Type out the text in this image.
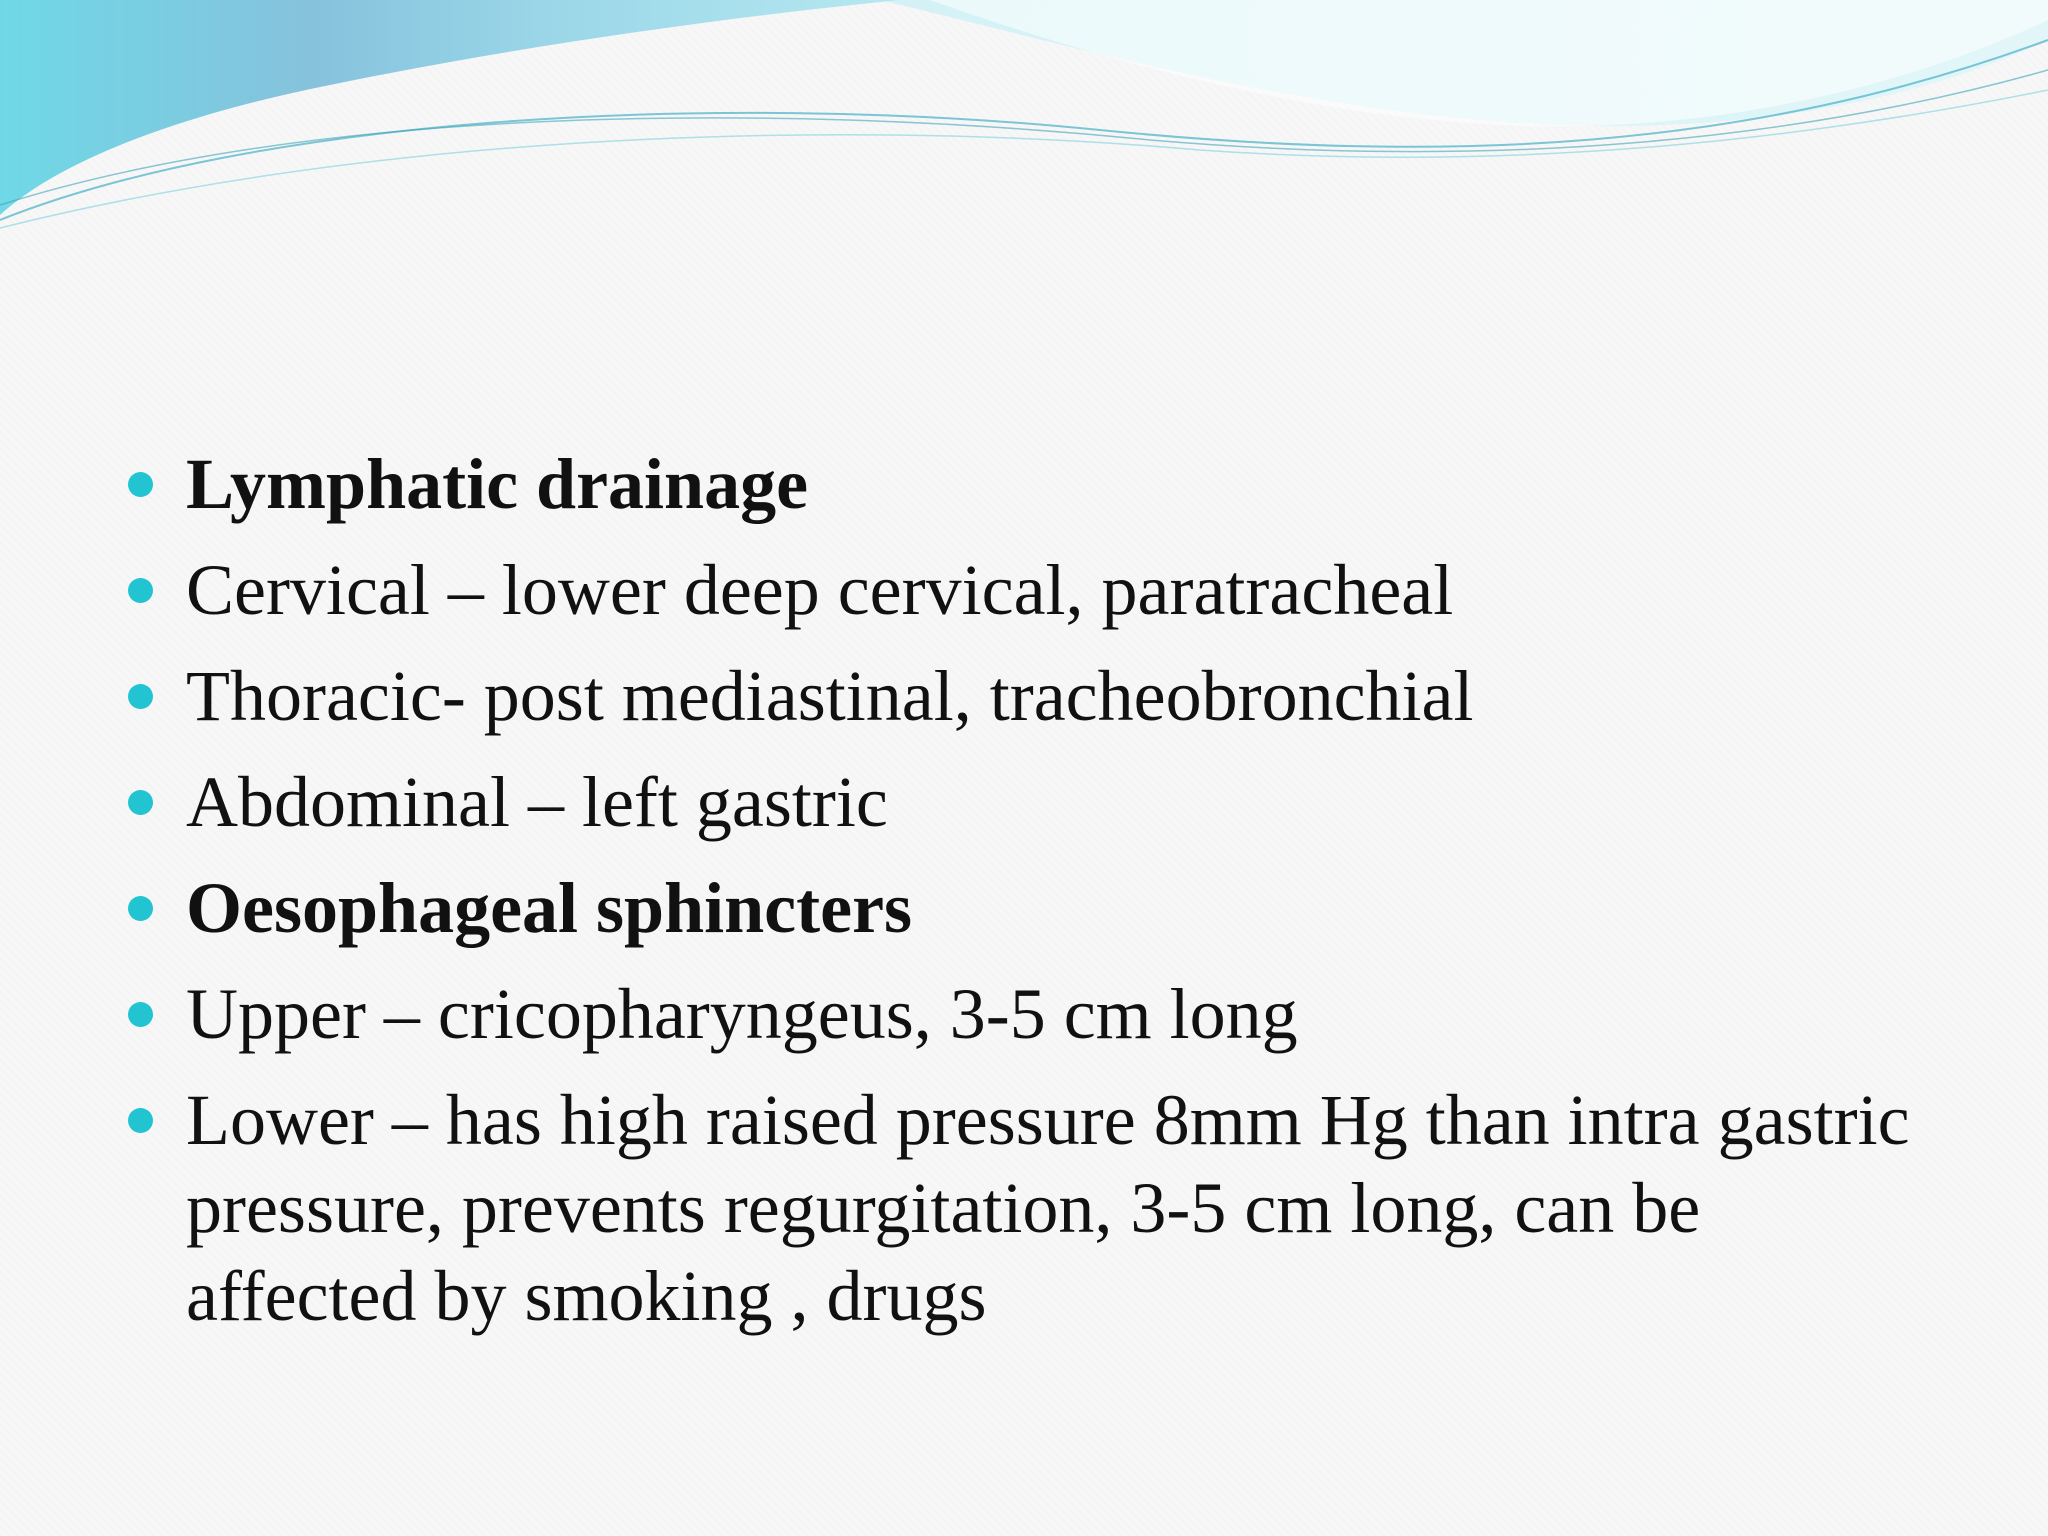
Lymphatic drainage
Cervical – lower deep cervical, paratracheal
Thoracic- post mediastinal, tracheobronchial
Abdominal – left gastric
Oesophageal sphincters
Upper – cricopharyngeus, 3-5 cm long
Lower – has high raised pressure 8mm Hg than intra gastric pressure, prevents regurgitation, 3-5 cm long, can be affected by smoking , drugs
